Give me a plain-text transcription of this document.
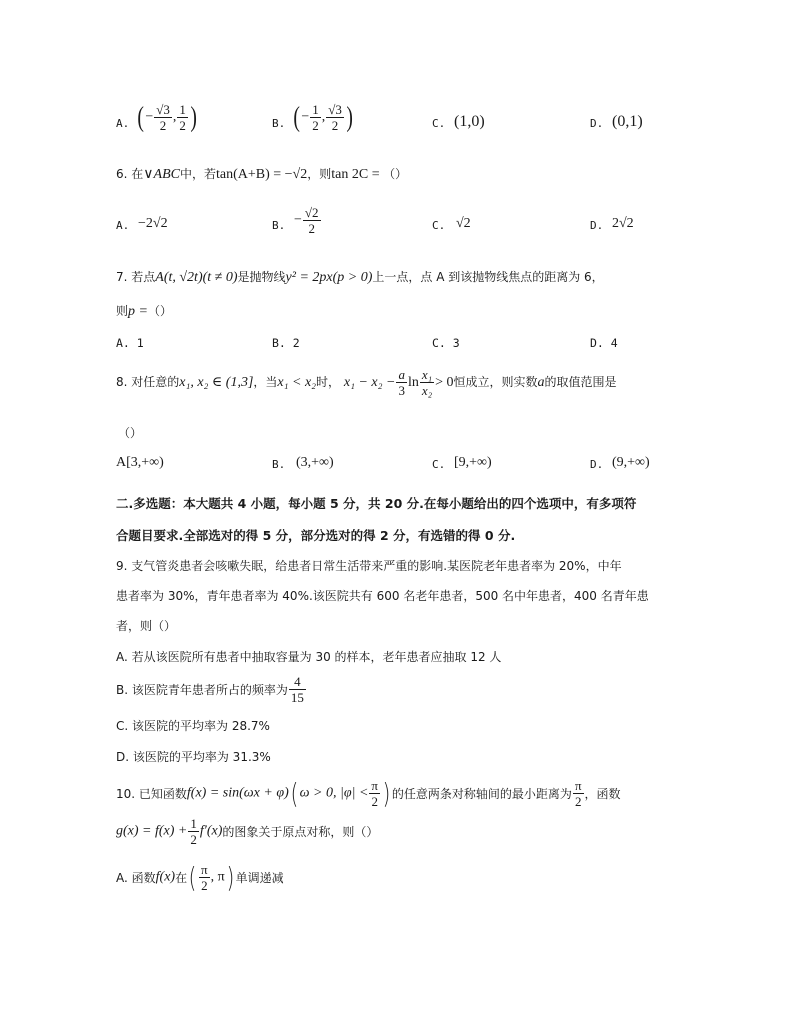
A. (− $\frac{√3}{2}$ , $\frac{1}{2}$ )	B. (− $\frac{1}{2}$ , $\frac{√3}{2}$ )	C. (1,0)	D. (0,1)
6. 在∨ABC中，若tan(A+B) = −√2，则tan 2C = （）
A. −2√2	B. − $\frac{√2}{2}$	C. √2	D. 2√2
7. 若点A(t, √2t)(t ≠ 0)是抛物线y² = 2px(p > 0)上一点，点 A 到该抛物线焦点的距离为 6，
则p =（）
A. 1	B. 2	C. 3	D. 4
8. 对任意的x₁, x₂ ∈ (1,3]，当x₁ < x₂时， $x_1 - x_2 - \frac{a}{3}$ $\ln \frac{\text{x₁}}{\text{x₂}} > 0$恒成立，则实数a的取值范围是
（）
A[3,+∞)	B. (3,+∞)	C. [9,+∞)	D. (9,+∞)
二.多选题：本大题共 4 小题，每小题 5 分，共 20 分.在每小题给出的四个选项中，有多项符
合题目要求.全部选对的得 5 分，部分选对的得 2 分，有选错的得 0 分.
9. 支气管炎患者会咳嗽失眠，给患者日常生活带来严重的影响.某医院老年患者率为 20%，中年
患者率为 30%，青年患者率为 40%.该医院共有 600 名老年患者，500 名中年患者，400 名青年患
者，则（）
A. 若从该医院所有患者中抽取容量为 30 的样本，老年患者应抽取 12 人
B. 该医院青年患者所占的频率为 $\frac{4}{15}$
C. 该医院的平均率为 28.7%
D. 该医院的平均率为 31.3%
10. 已知函数f(x) = sin(ωx + φ)( ω > 0, $|\varphi| < \frac{\pi}{2}$ ) 的任意两条对称轴间的最小距离为 $\frac{\pi}{2}$ ，函数
$g(x) = f(x) + \frac{1}{2} f'(x)$的图象关于原点对称，则（）
A. 函数f(x)在( $\frac{\pi}{2}$ , π) 单调递减
